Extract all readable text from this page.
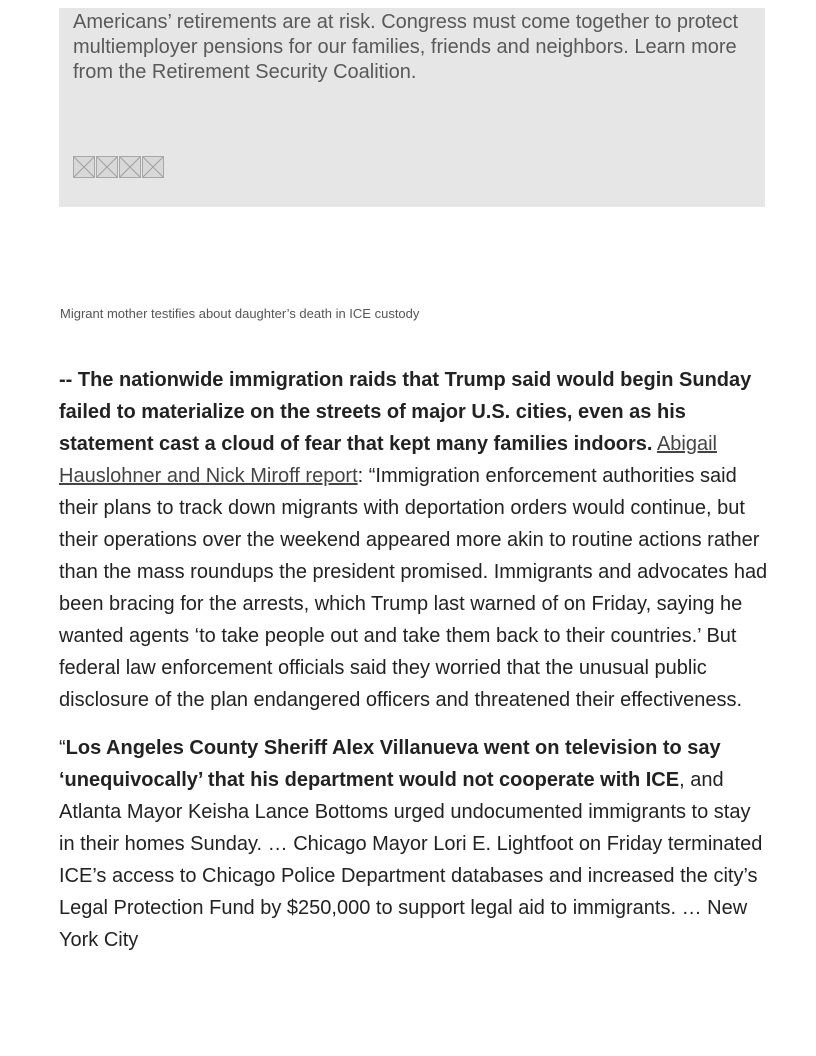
Americans’ retirements are at risk. Congress must come together to protect multiemployer pensions for our families, friends and neighbors. Learn more from the Retirement Security Coalition.

Migrant mother testifies about daughter’s death in ICE custody

-- The nationwide immigration raids that Trump said would begin Sunday failed to materialize on the streets of major U.S. cities, even as his statement cast a cloud of fear that kept many families indoors. Abigail Hauslohner and Nick Miroff report: “Immigration enforcement authorities said their plans to track down migrants with deportation orders would continue, but their operations over the weekend appeared more akin to routine actions rather than the mass roundups the president promised. Immigrants and advocates had been bracing for the arrests, which Trump last warned of on Friday, saying he wanted agents ‘to take people out and take them back to their countries.’ But federal law enforcement officials said they worried that the unusual public disclosure of the plan endangered officers and threatened their effectiveness.

“Los Angeles County Sheriff Alex Villanueva went on television to say ‘unequivocally’ that his department would not cooperate with ICE, and Atlanta Mayor Keisha Lance Bottoms urged undocumented immigrants to stay in their homes Sunday. … Chicago Mayor Lori E. Lightfoot on Friday terminated ICE’s access to Chicago Police Department databases and increased the city’s Legal Protection Fund by $250,000 to support legal aid to immigrants. … New York City
